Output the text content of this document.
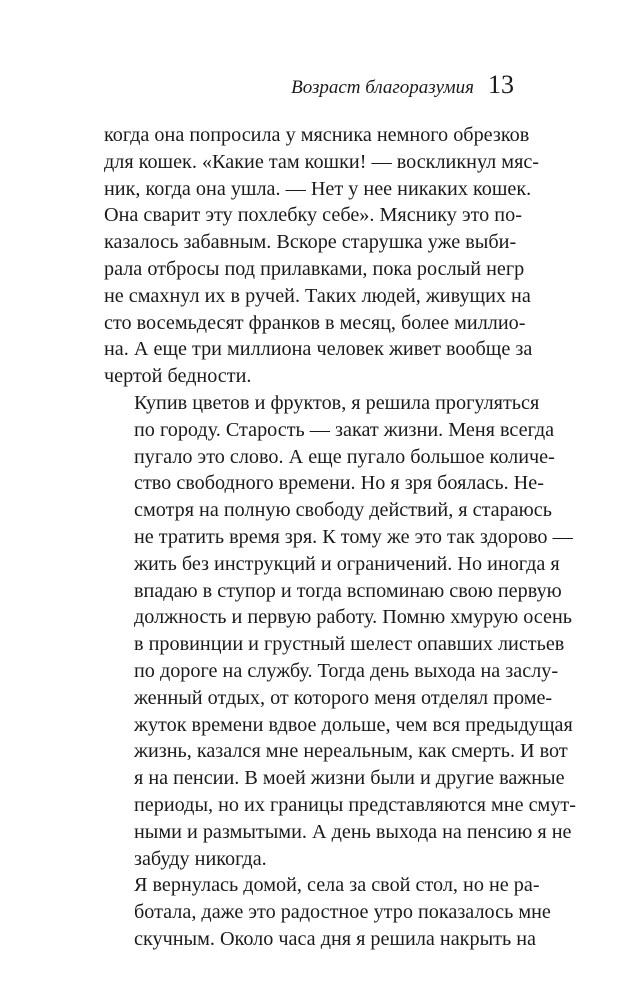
Возраст благоразумия 13

когда она попросила у мясника немного обрезков
для кошек. «Какие там кошки! — воскликнул мяс-
ник, когда она ушла. — Нет у нее никаких кошек.
Она сварит эту похлебку себе». Мяснику это по-
казалось забавным. Вскоре старушка уже выби-
рала отбросы под прилавками, пока рослый негр
не смахнул их в ручей. Таких людей, живущих на
сто восемьдесят франков в месяц, более миллио-
на. А еще три миллиона человек живет вообще за
чертой бедности.

Купив цветов и фруктов, я решила прогуляться
по городу. Старость — закат жизни. Меня всегда
пугало это слово. А еще пугало большое количе-
ство свободного времени. Но я зря боялась. Не-
смотря на полную свободу действий, я стараюсь
не тратить время зря. К тому же это так здорово —
жить без инструкций и ограничений. Но иногда я
впадаю в ступор и тогда вспоминаю свою первую
должность и первую работу. Помню хмурую осень
в провинции и грустный шелест опавших листьев
по дороге на службу. Тогда день выхода на заслу-
женный отдых, от которого меня отделял проме-
жуток времени вдвое дольше, чем вся предыдущая
жизнь, казался мне нереальным, как смерть. И вот
я на пенсии. В моей жизни были и другие важные
периоды, но их границы представляются мне смут-
ными и размытыми. А день выхода на пенсию я не
забуду никогда.

Я вернулась домой, села за свой стол, но не ра-
ботала, даже это радостное утро показалось мне
скучным. Около часа дня я решила накрыть на
